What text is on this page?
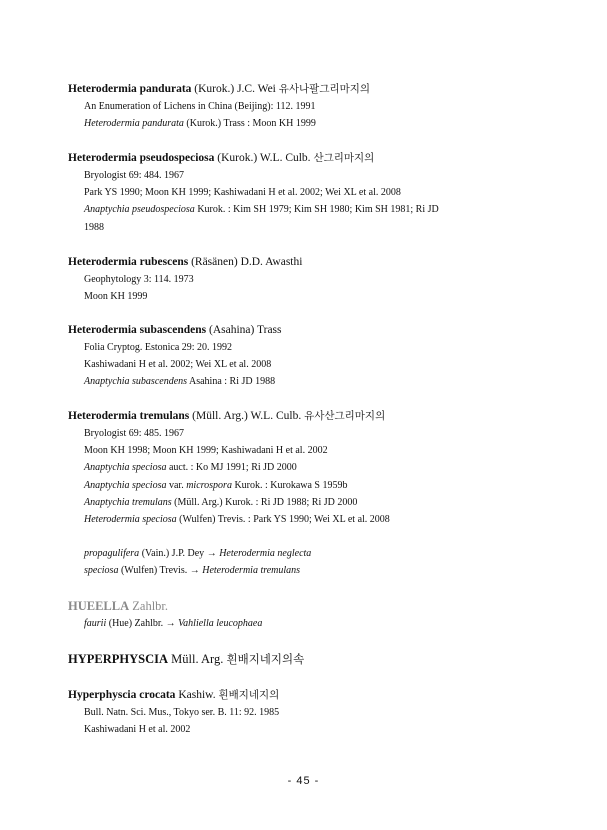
Heterodermia pandurata (Kurok.) J.C. Wei 유사나팔그리마지의
An Enumeration of Lichens in China (Beijing): 112. 1991
Heterodermia pandurata (Kurok.) Trass : Moon KH 1999
Heterodermia pseudospeciosa (Kurok.) W.L. Culb. 산그리마지의
Bryologist 69: 484. 1967
Park YS 1990; Moon KH 1999; Kashiwadani H et al. 2002; Wei XL et al. 2008
Anaptychia pseudospeciosa Kurok. : Kim SH 1979; Kim SH 1980; Kim SH 1981; Ri JD
1988
Heterodermia rubescens (Räsänen) D.D. Awasthi
Geophytology 3: 114. 1973
Moon KH 1999
Heterodermia subascendens (Asahina) Trass
Folia Cryptog. Estonica 29: 20. 1992
Kashiwadani H et al. 2002; Wei XL et al. 2008
Anaptychia subascendens Asahina : Ri JD 1988
Heterodermia tremulans (Müll. Arg.) W.L. Culb. 유사산그리마지의
Bryologist 69: 485. 1967
Moon KH 1998; Moon KH 1999; Kashiwadani H et al. 2002
Anaptychia speciosa auct. : Ko MJ 1991; Ri JD 2000
Anaptychia speciosa var. microspora Kurok. : Kurokawa S 1959b
Anaptychia tremulans (Müll. Arg.) Kurok. : Ri JD 1988; Ri JD 2000
Heterodermia speciosa (Wulfen) Trevis. : Park YS 1990; Wei XL et al. 2008
propagulifera (Vain.) J.P. Dey → Heterodermia neglecta
speciosa (Wulfen) Trevis. → Heterodermia tremulans
HUEELLA Zahlbr.
faurii (Hue) Zahlbr. → Vahliella leucophaea
HYPERPHYSCIA Müll. Arg. 흰배지네지의속
Hyperphyscia crocata Kashiw. 흰배지네지의
Bull. Natn. Sci. Mus., Tokyo ser. B. 11: 92. 1985
Kashiwadani H et al. 2002
- 45 -
